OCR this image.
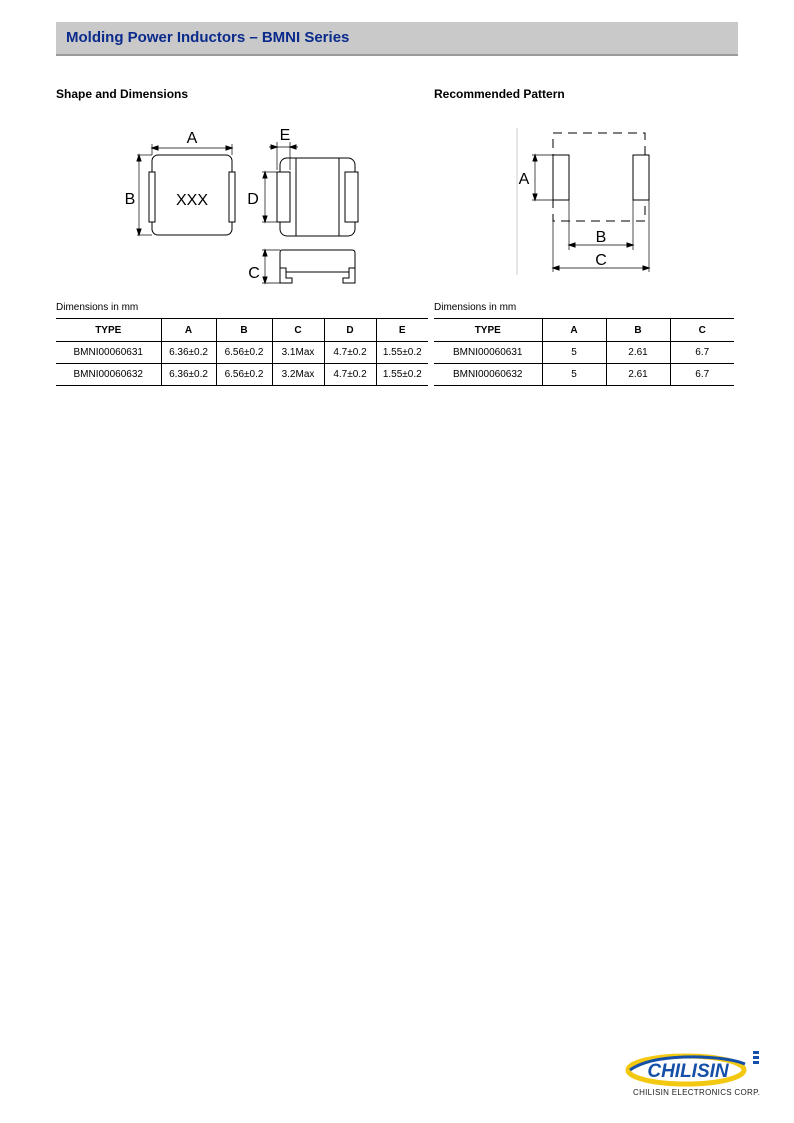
Molding Power Inductors – BMNI Series
Shape and Dimensions	Recommended Pattern
A
B	XXX
E
D
C
A
B
C
Dimensions in mm	Dimensions in mm
TYPE	A	B	C	D	E
BMNI00060631	6.36±0.2	6.56±0.2	3.1Max	4.7±0.2	1.55±0.2
BMNI00060632	6.36±0.2	6.56±0.2	3.2Max	4.7±0.2	1.55±0.2
TYPE	A	B	C
BMNI00060631	5	2.61	6.7
BMNI00060632	5	2.61	6.7
CHILISIN
CHILISIN ELECTRONICS CORP.
